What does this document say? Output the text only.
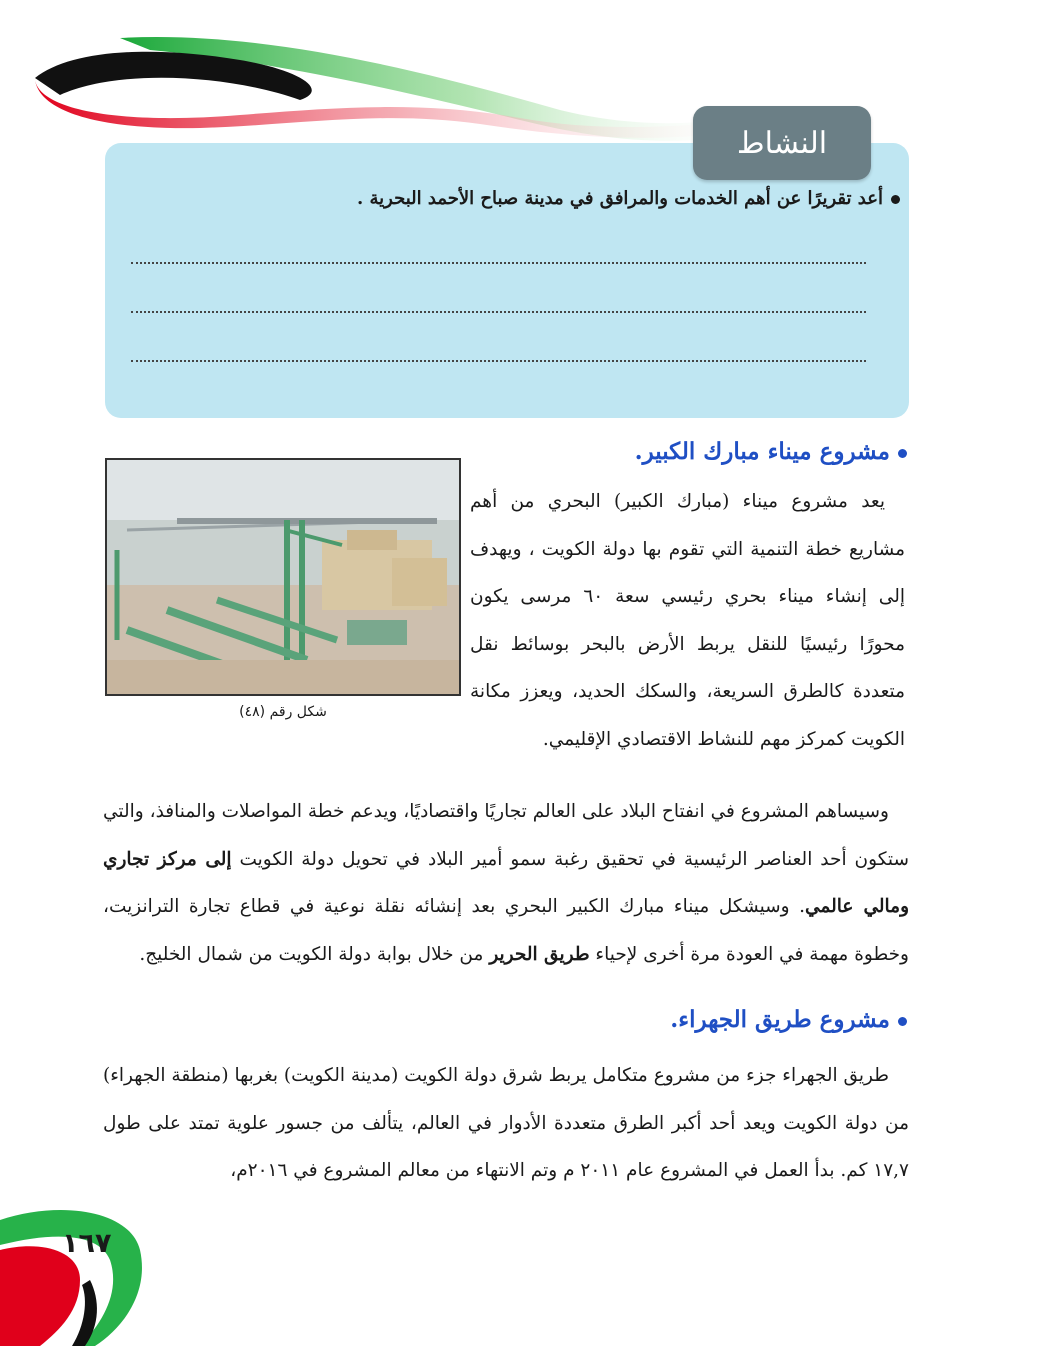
النشاط
أعد تقريرًا عن أهم الخدمات والمرافق في مدينة صباح الأحمد البحرية .
مشروع ميناء مبارك الكبير.
شكل رقم (٤٨)

يعد مشروع ميناء (مبارك الكبير) البحري من أهم مشاريع خطة التنمية التي تقوم بها دولة الكويت ، ويهدف إلى إنشاء ميناء بحري رئيسي سعة ٦٠ مرسى يكون محورًا رئيسيًا للنقل يربط الأرض بالبحر بوسائط نقل متعددة كالطرق السريعة، والسكك الحديد، ويعزز مكانة الكويت كمركز مهم للنشاط الاقتصادي الإقليمي.

وسيساهم المشروع في انفتاح البلاد على العالم تجاريًا واقتصاديًا، ويدعم خطة المواصلات والمنافذ، والتي ستكون أحد العناصر الرئيسية في تحقيق رغبة سمو أمير البلاد في تحويل دولة الكويت إلى مركز تجاري ومالي عالمي. وسيشكل ميناء مبارك الكبير البحري بعد إنشائه نقلة نوعية في قطاع تجارة الترانزيت، وخطوة مهمة في العودة مرة أخرى لإحياء طريق الحرير من خلال بوابة دولة الكويت من شمال الخليج.

مشروع طريق الجهراء.

طريق الجهراء جزء من مشروع متكامل يربط شرق دولة الكويت (مدينة الكويت) بغربها (منطقة الجهراء) من دولة الكويت ويعد أحد أكبر الطرق متعددة الأدوار في العالم، يتألف من جسور علوية تمتد على طول ١٧,٧ كم. بدأ العمل في المشروع عام ٢٠١١ م وتم الانتهاء من معالم المشروع في ٢٠١٦م،

١٦٧
